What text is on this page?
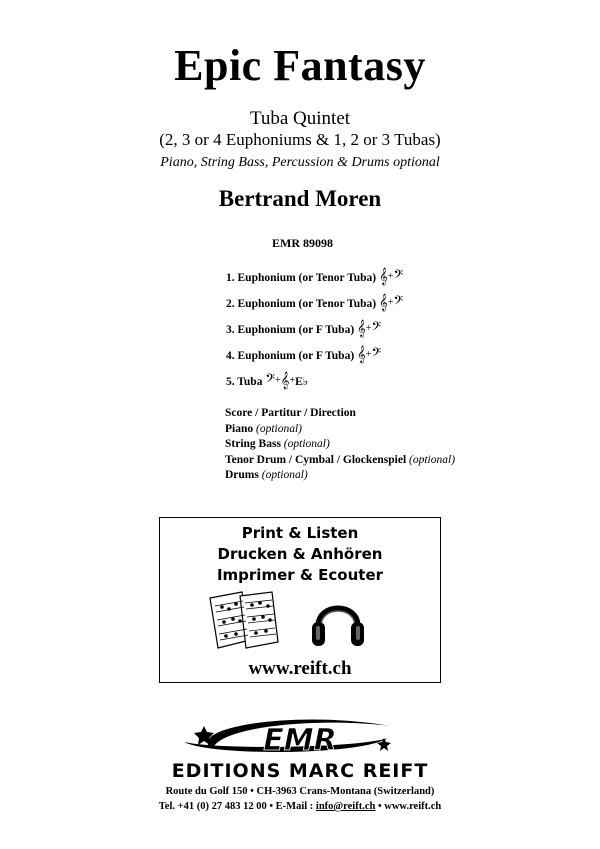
Epic Fantasy
Tuba Quintet
(2, 3 or 4 Euphoniums & 1, 2 or 3 Tubas)
Piano, String Bass, Percussion & Drums optional
Bertrand Moren
EMR 89098
1. Euphonium (or Tenor Tuba) 𝄞+𝄢
2. Euphonium (or Tenor Tuba) 𝄞+𝄢
3. Euphonium (or F Tuba) 𝄞+𝄢
4. Euphonium (or F Tuba) 𝄞+𝄢
5. Tuba 𝄢+𝄞+E♭
Score / Partitur / Direction
Piano (optional)
String Bass (optional)
Tenor Drum / Cymbal / Glockenspiel (optional)
Drums (optional)
Print & Listen
Drucken & Anhören
Imprimer & Ecouter
www.reift.ch
EMR
EDITIONS MARC REIFT
Route du Golf 150 • CH-3963 Crans-Montana (Switzerland)
Tel. +41 (0) 27 483 12 00 • E-Mail : info@reift.ch • www.reift.ch
